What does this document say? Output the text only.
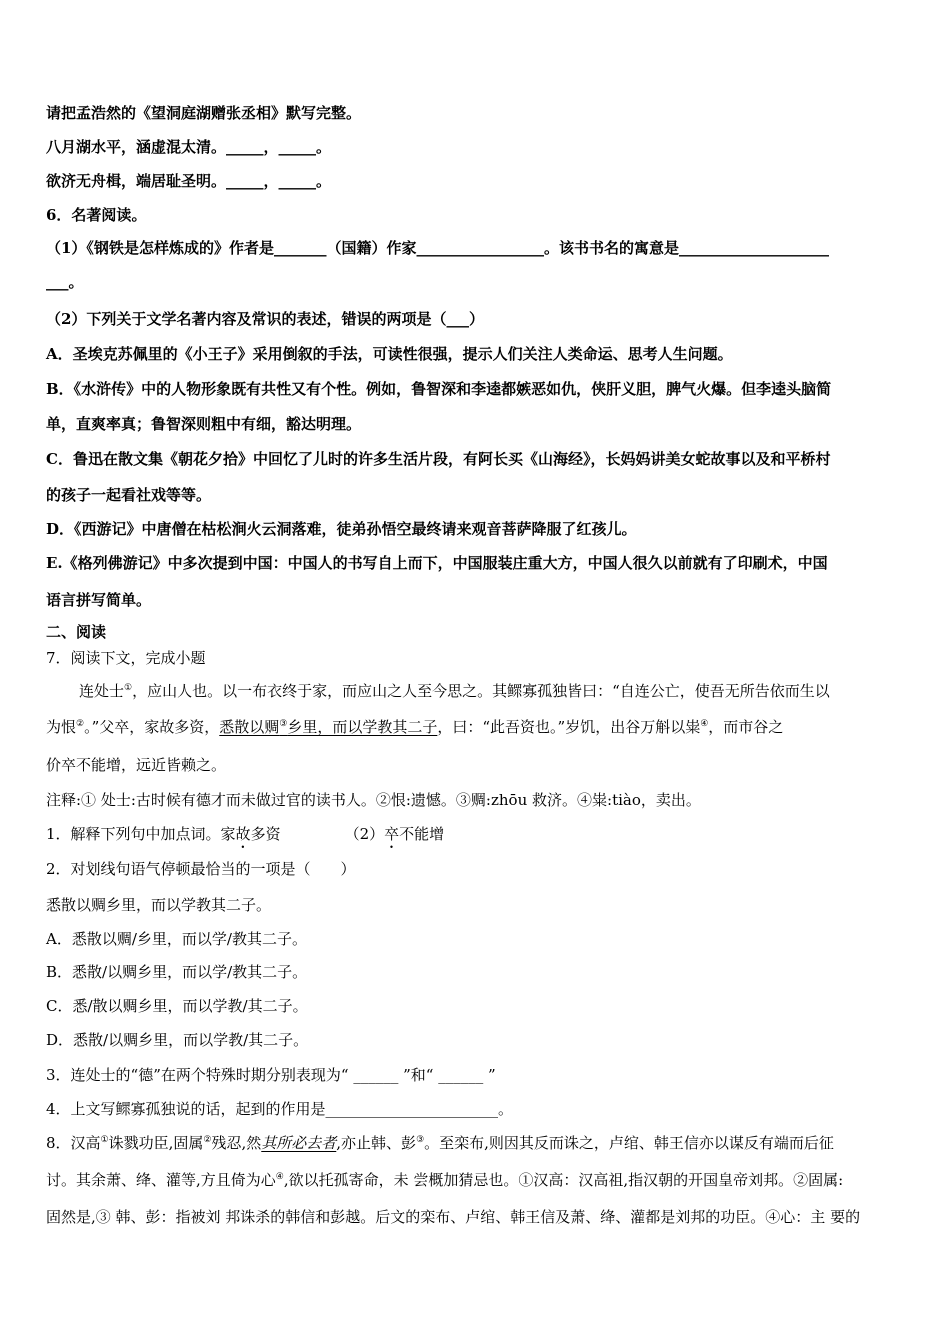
请把孟浩然的《望洞庭湖赠张丞相》默写完整。
八月湖水平，涵虚混太清。_____，_____。
欲济无舟楫，端居耻圣明。_____，_____。
6．名著阅读。
（1）《钢铁是怎样炼成的》作者是_______（国籍）作家_________________。该书书名的寓意是____________________
___。
（2）下列关于文学名著内容及常识的表述，错误的两项是（___）
A．圣埃克苏佩里的《小王子》采用倒叙的手法，可读性很强，提示人们关注人类命运、思考人生问题。
B．《水浒传》中的人物形象既有共性又有个性。例如，鲁智深和李逵都嫉恶如仇，侠肝义胆，脾气火爆。但李逵头脑简
单，直爽率真；鲁智深则粗中有细，豁达明理。
C．鲁迅在散文集《朝花夕拾》中回忆了儿时的许多生活片段，有阿长买《山海经》，长妈妈讲美女蛇故事以及和平桥村
的孩子一起看社戏等等。
D．《西游记》中唐僧在枯松涧火云洞落难，徒弟孙悟空最终请来观音菩萨降服了红孩儿。
E.《格列佛游记》中多次提到中国：中国人的书写自上而下，中国服装庄重大方，中国人很久以前就有了印刷术，中国
语言拼写简单。
二、阅读
7．阅读下文，完成小题
连处士①，应山人也。以一布衣终于家，而应山之人至今思之。其鳏寡孤独皆曰：“自连公亡，使吾无所告依而生以
为恨②。”父卒，家故多资，悉散以赒③乡里，而以学教其二子，曰：“此吾资也。”岁饥，出谷万斛以粜④，而市谷之
价卒不能增，远近皆赖之。
注释:① 处士:古时候有德才而未做过官的读书人。②恨:遗憾。③赒:zhōu 救济。④粜:tiào，卖出。
1．解释下列句中加点词。家故多资	（2）卒不能增
2．对划线句语气停顿最恰当的一项是（　　）
悉散以赒乡里，而以学教其二子。
A．悉散以赒/乡里，而以学/教其二子。
B．悉散/以赒乡里，而以学/教其二子。
C．悉/散以赒乡里，而以学教/其二子。
D．悉散/以赒乡里，而以学教/其二子。
3．连处士的“德”在两个特殊时期分别表现为“ ______ ”和“ ______ ”
4．上文写鳏寡孤独说的话，起到的作用是_______________________。
8．汉高①诛戮功臣,固属②残忍,然其所必去者,亦止韩、彭③。至栾布,则因其反而诛之，卢绾、韩王信亦以谋反有端而后征
讨。其余萧、绛、灌等,方且倚为心④,欲以托孤寄命，未 尝概加猜忌也。①汉高：汉高祖,指汉朝的开国皇帝刘邦。②固属:
固然是,③ 韩、彭：指被刘 邦诛杀的韩信和彭越。后文的栾布、卢绾、韩王信及萧、绛、灌都是刘邦的功臣。④心：主 要的
